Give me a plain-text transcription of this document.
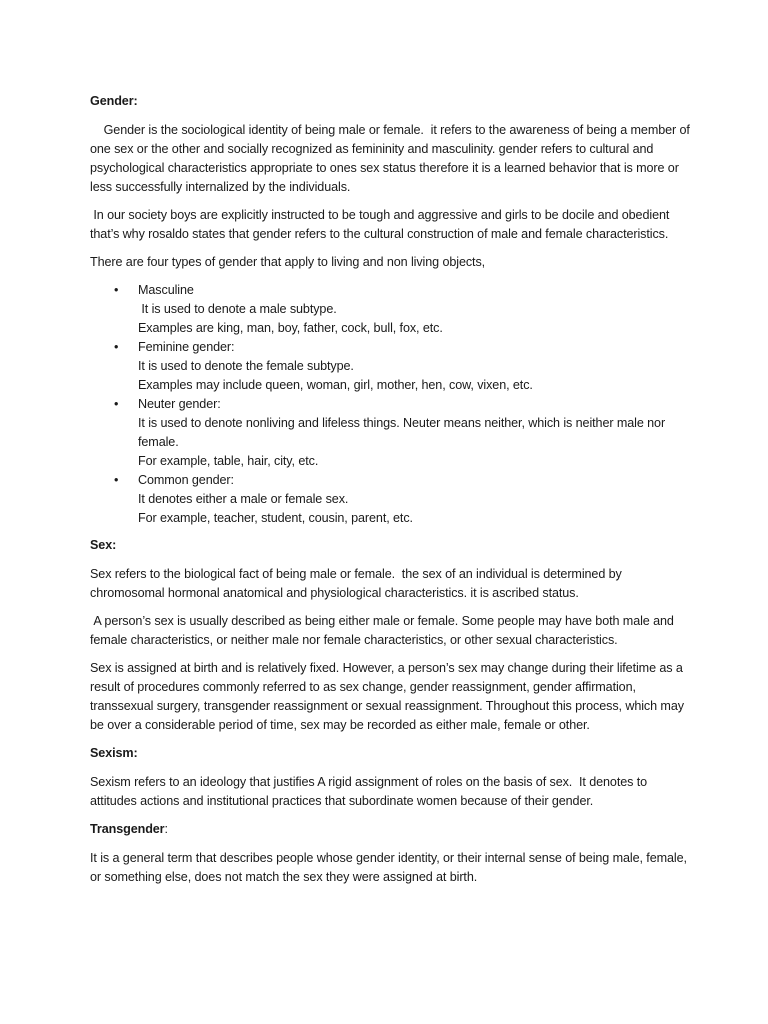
Gender:

Gender is the sociological identity of being male or female.  it refers to the awareness of being a member of one sex or the other and socially recognized as femininity and masculinity. gender refers to cultural and psychological characteristics appropriate to ones sex status therefore it is a learned behavior that is more or less successfully internalized by the individuals.

In our society boys are explicitly instructed to be tough and aggressive and girls to be docile and obedient that’s why rosaldo states that gender refers to the cultural construction of male and female characteristics.

There are four types of gender that apply to living and non living objects,

• Masculine
It is used to denote a male subtype.
Examples are king, man, boy, father, cock, bull, fox, etc.
• Feminine gender:
It is used to denote the female subtype.
Examples may include queen, woman, girl, mother, hen, cow, vixen, etc.
• Neuter gender:
It is used to denote nonliving and lifeless things. Neuter means neither, which is neither male nor female.
For example, table, hair, city, etc.
• Common gender:
It denotes either a male or female sex.
For example, teacher, student, cousin, parent, etc.
Sex:

Sex refers to the biological fact of being male or female.  the sex of an individual is determined by chromosomal hormonal anatomical and physiological characteristics. it is ascribed status.

A person’s sex is usually described as being either male or female. Some people may have both male and female characteristics, or neither male nor female characteristics, or other sexual characteristics.

Sex is assigned at birth and is relatively fixed. However, a person’s sex may change during their lifetime as a result of procedures commonly referred to as sex change, gender reassignment, gender affirmation, transsexual surgery, transgender reassignment or sexual reassignment. Throughout this process, which may be over a considerable period of time, sex may be recorded as either male, female or other.

Sexism:

Sexism refers to an ideology that justifies A rigid assignment of roles on the basis of sex.  It denotes to attitudes actions and institutional practices that subordinate women because of their gender.

Transgender:

It is a general term that describes people whose gender identity, or their internal sense of being male, female, or something else, does not match the sex they were assigned at birth.
